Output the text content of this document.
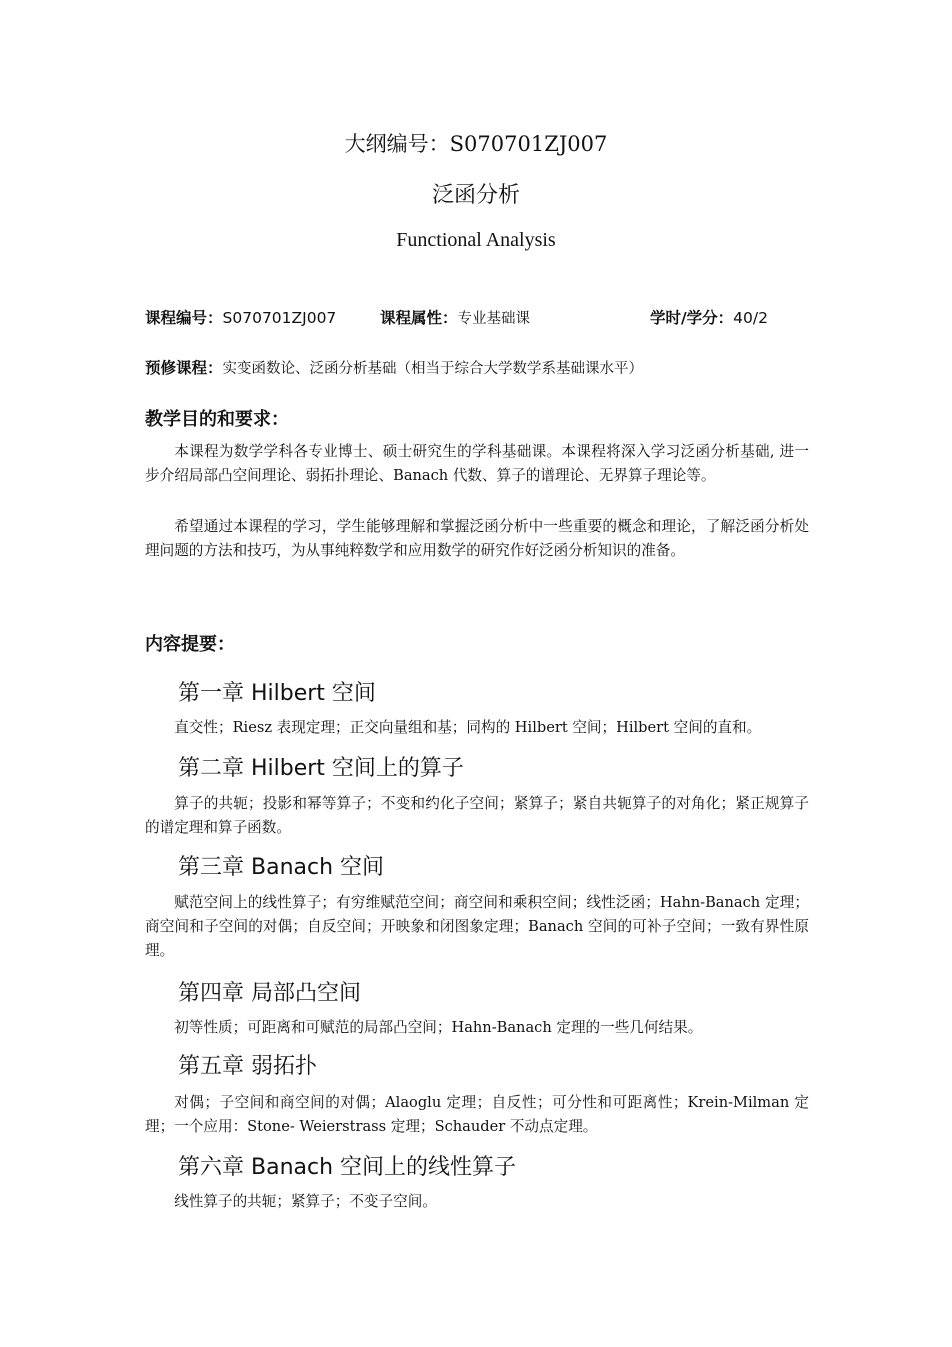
大纲编号：S070701ZJ007
泛函分析
Functional Analysis
课程编号：S070701ZJ007	课程属性：专业基础课	学时/学分：40/2
预修课程：实变函数论、泛函分析基础（相当于综合大学数学系基础课水平）
教学目的和要求：
本课程为数学学科各专业博士、硕士研究生的学科基础课。本课程将深入学习泛函分析基础, 进一步介绍局部凸空间理论、弱拓扑理论、Banach 代数、算子的谱理论、无界算子理论等。
希望通过本课程的学习，学生能够理解和掌握泛函分析中一些重要的概念和理论，了解泛函分析处理问题的方法和技巧，为从事纯粹数学和应用数学的研究作好泛函分析知识的准备。
内容提要：
第一章 Hilbert 空间
直交性；Riesz 表现定理；正交向量组和基；同构的 Hilbert 空间；Hilbert 空间的直和。
第二章 Hilbert 空间上的算子
算子的共轭；投影和幂等算子；不变和约化子空间；紧算子；紧自共轭算子的对角化；紧正规算子的谱定理和算子函数。
第三章 Banach 空间
赋范空间上的线性算子；有穷维赋范空间；商空间和乘积空间；线性泛函；Hahn-Banach 定理；商空间和子空间的对偶；自反空间；开映象和闭图象定理；Banach 空间的可补子空间；一致有界性原理。
第四章 局部凸空间
初等性质；可距离和可赋范的局部凸空间；Hahn-Banach 定理的一些几何结果。
第五章 弱拓扑
对偶；子空间和商空间的对偶；Alaoglu 定理；自反性；可分性和可距离性；Krein-Milman 定理；一个应用：Stone- Weierstrass 定理；Schauder 不动点定理。
第六章 Banach 空间上的线性算子
线性算子的共轭；紧算子；不变子空间。
